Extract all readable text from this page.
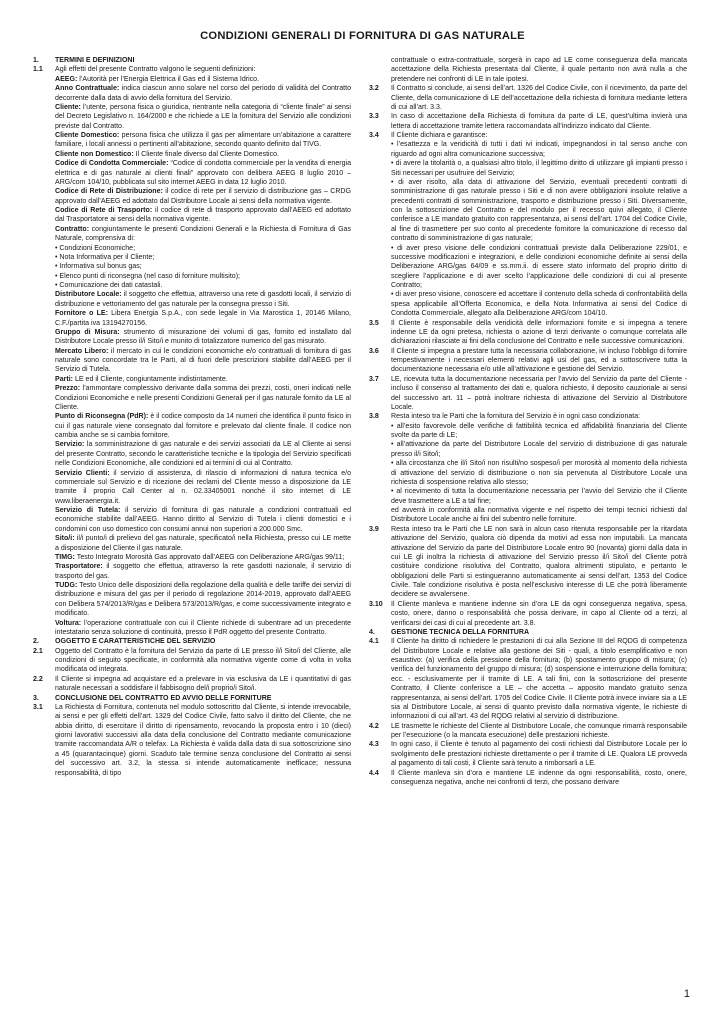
CONDIZIONI GENERALI DI FORNITURA DI GAS NATURALE
1.	TERMINI E DEFINIZIONI
1.1	Agli effetti del presente Contratto valgono le seguenti definizioni:

AEEG: l’Autorità per l’Energia Elettrica il Gas ed il Sistema Idrico.

Anno Contrattuale: indica ciascun anno solare nel corso del periodo di validità del Contratto decorrente dalla data di avvio della fornitura del Servizio.

Cliente: l’utente, persona fisica o giuridica, rientrante nella categoria di “cliente finale” ai sensi del Decreto Legislativo n. 164/2000 e che richiede a LE la fornitura del Servizio alle condizioni previste dal Contratto.

Cliente Domestico: persona fisica che utilizza il gas per alimentare un’abitazione a carattere familiare, i locali annessi o pertinenti all’abitazione, secondo quanto definito dal TIVG.

Cliente non Domestico: Il Cliente finale diverso dal Cliente Domestico.

Codice di Condotta Commerciale: “Codice di condotta commerciale per la vendita di energia elettrica e di gas naturale ai clienti finali” approvato con delibera AEEG 8 luglio 2010 – ARG/com 104/10, pubblicata sul sito internet AEEG in data 12 luglio 2010.

Codice di Rete di Distribuzione: il codice di rete per il servizio di distribuzione gas – CRDG approvato dall’AEEG ed adottato dal Distributore Locale ai sensi della normativa vigente.

Codice di Rete di Trasporto: il codice di rete di trasporto approvato dall’AEEG ed adottato dal Trasportatore ai sensi della normativa vigente.

Contratto: congiuntamente le presenti Condizioni Generali e la Richiesta di Fornitura di Gas Naturale, comprensiva di:

• Condizioni Economiche;

• Nota Informativa per il Cliente;

• Informativa sul bonus gas;

• Elenco punti di riconsegna (nel caso di forniture multisito);

• Comunicazione dei dati catastali.

Distributore Locale: il soggetto che effettua, attraverso una rete di gasdotti locali, il servizio di distribuzione e vettoriamento del gas naturale per la consegna presso i Siti.

Fornitore o LE: Libera Energia S.p.A., con sede legale in Via Marostica 1, 20146 Milano, C.F./partita iva 13194270156.

Gruppo di Misura: strumento di misurazione dei volumi di gas, fornito ed installato dal Distributore Locale presso il/i Sito/i e munito di totalizzatore numerico del gas misurato.

Mercato Libero: il mercato in cui le condizioni economiche e/o contrattuali di fornitura di gas naturale sono concordate tra le Parti, al di fuori delle prescrizioni stabilite dall’AEEG per il Servizio di Tutela.

Parti: LE ed il Cliente, congiuntamente indistintamente.

Prezzo: l’ammontare complessivo derivante dalla somma dei prezzi, costi, oneri indicati nelle Condizioni Economiche e nelle presenti Condizioni Generali per il gas naturale fornito da LE al Cliente.

Punto di Riconsegna (PdR): è il codice composto da 14 numeri che identifica il punto fisico in cui il gas naturale viene consegnato dal fornitore e prelevato dal cliente finale. Il codice non cambia anche se si cambia fornitore.

Servizio: la somministrazione di gas naturale e dei servizi associati da LE al Cliente ai sensi del presente Contratto, secondo le caratteristiche tecniche e la tipologia del Servizio specificati nelle Condizioni Economiche, alle condizioni ed ai termini di cui al Contratto.

Servizio Clienti: il servizio di assistenza, di rilascio di informazioni di natura tecnica e/o commerciale sul Servizio e di ricezione dei reclami del Cliente messo a disposizione da LE tramite il proprio Call Center al n. 02.33405001 nonché il sito internet di LE www.liberaenergia.it.

Servizio di Tutela: il servizio di fornitura di gas naturale a condizioni contrattuali ed economiche stabilite dall’AEEG. Hanno diritto al Servizio di Tutela i clienti domestici e i condomini con uso domestico con consumi annui non superiori a 200.000 Smc.

Sito/i: il/i punto/i di prelievo del gas naturale, specificato/i nella Richiesta, presso cui LE mette a disposizione del Cliente il gas naturale.

TIMG: Testo Integrato Morosità Gas approvato dall’AEEG con Deliberazione ARG/gas 99/11;

Trasportatore: il soggetto che effettua, attraverso la rete gasdotti nazionale, il servizio di trasporto del gas.

TUDG: Testo Unico delle disposizioni della regolazione della qualità e delle tariffe dei servizi di distribuzione e misura del gas per il periodo di regolazione 2014-2019, approvato dall’AEEG con Delibera 574/2013/R/gas e Delibera 573/2013/R/gas, e come successivamente integrato e modificato.

Voltura: l’operazione contrattuale con cui il Cliente richiede di subentrare ad un precedente intestatario senza soluzione di continuità, presso il PdR oggetto del presente Contratto.

2.	OGGETTO E CARATTERISTICHE DEL SERVIZIO
2.1	Oggetto del Contratto è la fornitura del Servizio da parte di LE presso il/i Sito/i del Cliente, alle condizioni di seguito specificate, in conformità alla normativa vigente come di volta in volta modificata od integrata.

2.2	Il Cliente si impegna ad acquistare ed a prelevare in via esclusiva da LE i quantitativi di gas naturale necessari a soddisfare il fabbisogno del/i proprio/i Sito/i.

3.	CONCLUSIONE DEL CONTRATTO ED AVVIO DELLE FORNITURE
3.1	La Richiesta di Fornitura, contenuta nel modulo sottoscritto dal Cliente, si intende irrevocabile, ai sensi e per gli effetti dell’art. 1329 del Codice Civile, fatto salvo il diritto del Cliente, che ne abbia diritto, di esercitare il diritto di ripensamento, revocando la proposta entro i 10 (dieci) giorni lavorativi successivi alla data della conclusione del Contratto mediante comunicazione tramite raccomandata A/R o telefax. La Richiesta è valida dalla data di sua sottoscrizione sino a 45 (quarantacinque) giorni. Scaduto tale termine senza conclusione del Contratto ai sensi del successivo art. 3.2, la stessa si intende automaticamente inefficace; nessuna responsabilità, di tipo

contrattuale o extra-contrattuale, sorgerà in capo ad LE come conseguenza della mancata accettazione della Richiesta presentata dal Cliente, il quale pertanto non avrà nulla a che pretendere nei confronti di LE in tale ipotesi.

3.2	Il Contratto si conclude, ai sensi dell’art. 1326 del Codice Civile, con il ricevimento, da parte del Cliente, della comunicazione di LE dell’accettazione della richiesta di fornitura mediante lettera di cui all’art. 3.3.

3.3	In caso di accettazione della Richiesta di fornitura da parte di LE, quest’ultima invierà una lettera di accettazione tramite lettera raccomandata all’indirizzo indicato dal Cliente.

3.4	Il Cliente dichiara e garantisce:

• l’esattezza e la veridicità di tutti i dati ivi indicati, impegnandosi in tal senso anche con riguardo ad ogni altra comunicazione successiva;

• di avere la titolarità o, a qualsiasi altro titolo, il legittimo diritto di utilizzare gli impianti presso i Siti necessari per usufruire del Servizio;

• di aver risolto, alla data di attivazione del Servizio, eventuali precedenti contratti di somministrazione di gas naturale presso i Siti e di non avere obbligazioni insolute relative a precedenti contratti di somministrazione, trasporto e distribuzione presso i Siti. Diversamente, con la sottoscrizione del Contratto e del modulo per il recesso quivi allegato, il Cliente conferisce a LE mandato gratuito con rappresentanza, ai sensi dell’art. 1704 del Codice Civile, al fine di trasmettere per suo conto al precedente fornitore la comunicazione di recesso dal contratto di somministrazione di gas naturale;

• di aver preso visione delle condizioni contrattuali previste dalla Deliberazione 229/01, e successive modificazioni e integrazioni, e delle condizioni economiche definite ai sensi della Deliberazione ARG/gas 64/09 e ss.mm.ii. di essere stato informato del proprio diritto di scegliere l’applicazione e di aver scelto l’applicazione delle condizioni di cui al presente Contratto;

• di aver preso visione, conoscere ed accettare il contenuto della scheda di confrontabilità della spesa applicabile all’Offerta Economica, e della Nota Informativa ai sensi del Codice di Condotta Commerciale, allegato alla Deliberazione ARG/com 104/10.

3.5	Il Cliente è responsabile della veridicità delle informazioni fornite e si impegna a tenere indenne LE da ogni pretesa, richiesta o azione di terzi derivante o comunque correlata alle dichiarazioni rilasciate ai fini della conclusione del Contratto e nelle successive comunicazioni.

3.6	Il Cliente si impegna a prestare tutta la necessaria collaborazione, ivi incluso l’obbligo di fornire tempestivamente i necessari elementi relativi agli usi del gas, ed a sottoscrivere tutta la documentazione necessaria e/o utile all’attivazione e gestione del Servizio.

3.7	LE, ricevuta tutta la documentazione necessaria per l’avvio del Servizio da parte del Cliente - incluso il consenso al trattamento dei dati e, qualora richiesto, il deposito cauzionale ai sensi del successivo art. 11 – potrà inoltrare richiesta di attivazione del Servizio al Distributore Locale.

3.8	Resta inteso tra le Parti che la fornitura del Servizio è in ogni caso condizionata:

• all’esito favorevole delle verifiche di fattibilità tecnica ed affidabilità finanziaria del Cliente svolte da parte di LE;

• all’attivazione da parte del Distributore Locale del servizio di distribuzione di gas naturale presso il/i Sito/i;

• alla circostanza che il/i Sito/i non risulti/no sospeso/i per morosità al momento della richiesta di attivazione del servizio di distribuzione o non sia pervenuta al Distributore Locale una richiesta di sospensione relativa allo stesso;

• al ricevimento di tutta la documentazione necessaria per l’avvio del Servizio che il Cliente deve trasmettere a LE a tal fine;

ed avverrà in conformità alla normativa vigente e nel rispetto dei tempi tecnici richiesti dal Distributore Locale anche ai fini del subentro nelle forniture.

3.9	Resta inteso tra le Parti che LE non sarà in alcun caso ritenuta responsabile per la ritardata attivazione del Servizio, qualora ciò dipenda da motivi ad essa non imputabili. La mancata attivazione del Servizio da parte del Distributore Locale entro 90 (novanta) giorni dalla data in cui LE gli inoltra la richiesta di attivazione del Servizio presso il/i Sito/i del Cliente potrà costituire condizione risolutiva del Contratto, qualora altrimenti stipulato, e pertanto le obbligazioni delle Parti si estingueranno automaticamente ai sensi dell’art. 1353 del Codice Civile. Tale condizione risolutiva è posta nell’esclusivo interesse di LE che potrà liberamente decidere se avvalersene.

3.10	Il Cliente manleva e mantiene indenne sin d’ora LE da ogni conseguenza negativa, spesa, costo, onere, danno o responsabilità che possa derivare, in capo al Cliente od a terzi, al verificarsi dei casi di cui al precedente art. 3.8.

4.	GESTIONE TECNICA DELLA FORNITURA
4.1	Il Cliente ha diritto di richiedere le prestazioni di cui alla Sezione III del RQDG di competenza del Distributore Locale e relative alla gestione dei Siti - quali, a titolo esemplificativo e non esaustivo: (a) verifica della pressione della fornitura; (b) spostamento gruppo di misura; (c) verifica del funzionamento del gruppo di misura; (d) sospensione e interruzione della fornitura; ecc. - esclusivamente per il tramite di LE. A tali fini, con la sottoscrizione del presente Contratto, il Cliente conferisce a LE – che accetta – apposito mandato gratuito senza rappresentanza, ai sensi dell’art. 1705 del Codice Civile. Il Cliente potrà invece inviare sia a LE sia al Distributore Locale, ai sensi di quanto previsto dalla normativa vigente, le richieste di informazioni di cui all’art. 43 del RQDG relativi al servizio di distribuzione.

4.2	LE trasmette le richieste del Cliente al Distributore Locale, che comunque rimarrà responsabile per l’esecuzione (o la mancata esecuzione) delle prestazioni richieste.

4.3	In ogni caso, il Cliente è tenuto al pagamento dei costi richiesti dal Distributore Locale per lo svolgimento delle prestazioni richieste direttamente o per il tramite di LE. Qualora LE provveda al pagamento di tali costi, il Cliente sarà tenuto a rimborsarli a LE.

4.4	Il Cliente manleva sin d’ora e mantiene LE indenne da ogni responsabilità, costo, onere, conseguenza negativa, anche nei confronti di terzi, che possano derivare

1
